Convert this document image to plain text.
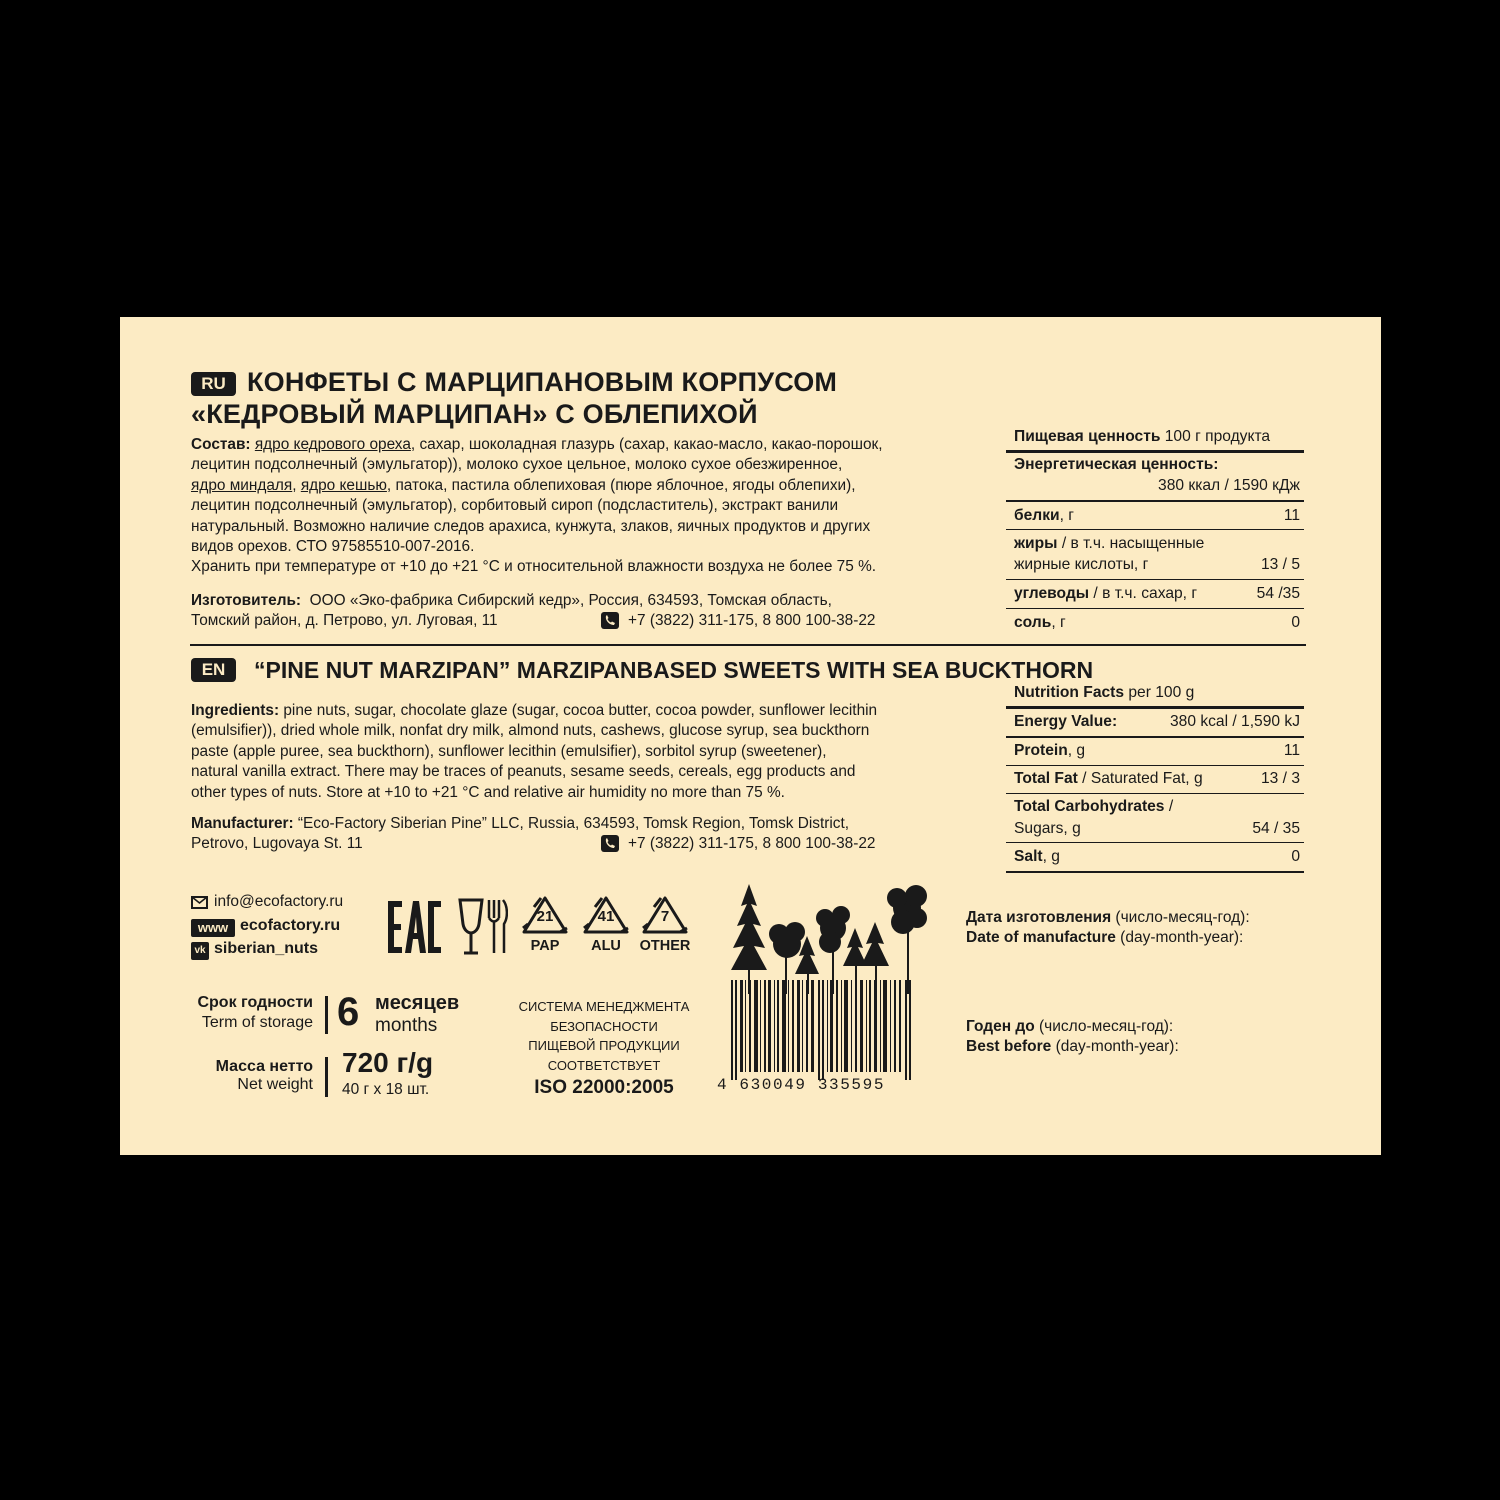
RU КОНФЕТЫ С МАРЦИПАНОВЫМ КОРПУСОМ
«КЕДРОВЫЙ МАРЦИПАН» С ОБЛЕПИХОЙ
Состав: ядро кедрового ореха, сахар, шоколадная глазурь (сахар, какао-масло, какао-порошок,
лецитин подсолнечный (эмульгатор)), молоко сухое цельное, молоко сухое обезжиренное,
ядро миндаля, ядро кешью, патока, пастила облепиховая (пюре яблочное, ягоды облепихи),
лецитин подсолнечный (эмульгатор), сорбитовый сироп (подсластитель), экстракт ванили
натуральный. Возможно наличие следов арахиса, кунжута, злаков, яичных продуктов и других
видов орехов. СТО 97585510-007-2016.
Хранить при температуре от +10 до +21 °С и относительной влажности воздуха не более 75 %.
Изготовитель: ООО «Эко-фабрика Сибирский кедр», Россия, 634593, Томская область,
Томский район, д. Петрово, ул. Луговая, 11	+7 (3822) 311-175, 8 800 100-38-22
Пищевая ценность 100 г продукта
Энергетическая ценность:
380 ккал / 1590 кДж
белки, г	11
жиры / в т.ч. насыщенные
жирные кислоты, г	13 / 5
углеводы / в т.ч. сахар, г	54 /35
соль, г	0
EN	“PINE NUT MARZIPAN” MARZIPANBASED SWEETS WITH SEA BUCKTHORN
Ingredients: pine nuts, sugar, chocolate glaze (sugar, cocoa butter, cocoa powder, sunflower lecithin
(emulsifier)), dried whole milk, nonfat dry milk, almond nuts, cashews, glucose syrup, sea buckthorn
paste (apple puree, sea buckthorn), sunflower lecithin (emulsifier), sorbitol syrup (sweetener),
natural vanilla extract. There may be traces of peanuts, sesame seeds, cereals, egg products and
other types of nuts. Store at +10 to +21 °C and relative air humidity no more than 75 %.
Manufacturer: “Eco-Factory Siberian Pine” LLC, Russia, 634593, Tomsk Region, Tomsk District,
Petrovo, Lugovaya St. 11	+7 (3822) 311-175, 8 800 100-38-22
Nutrition Facts per 100 g
Energy Value:	380 kcal / 1,590 kJ
Protein, g	11
Total Fat / Saturated Fat, g	13 / 3
Total Carbohydrates /
Sugars, g	54 / 35
Salt, g	0
info@ecofactory.ru
www ecofactory.ru
vk siberian_nuts
21
PAP
41
ALU
7
OTHER
Срок годности
Term of storage 6 месяцев
months
Масса нетто
Net weight
720 г/g
40 г х 18 шт.
СИСТЕМА МЕНЕДЖМЕНТА
БЕЗОПАСНОСТИ
ПИЩЕВОЙ ПРОДУКЦИИ
СООТВЕТСТВУЕТ
ISO 22000:2005	4 630049 335595
Дата изготовления (число-месяц-год):
Date of manufacture (day-month-year):
Годен до (число-месяц-год):
Best before (day-month-year):
